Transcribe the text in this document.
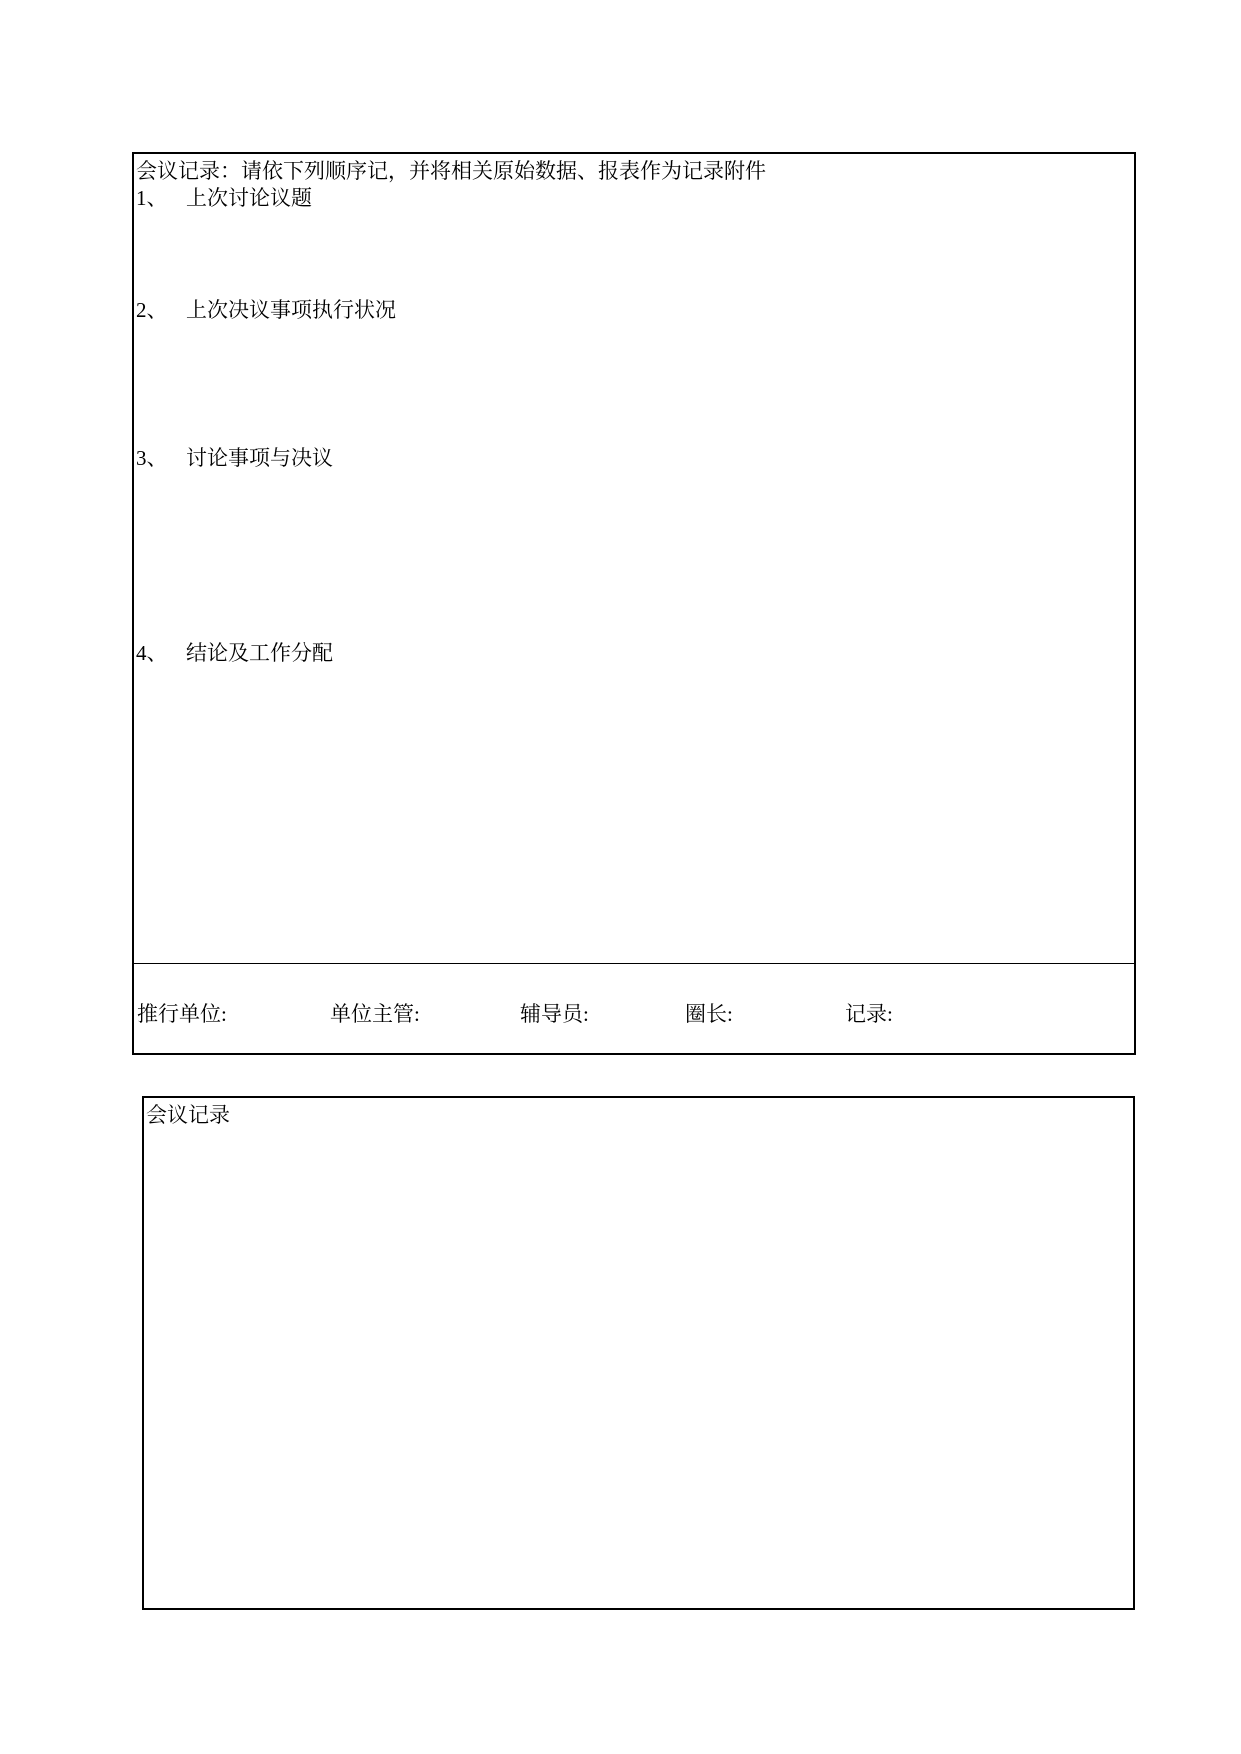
会议记录：请依下列顺序记，并将相关原始数据、报表作为记录附件
1、 上次讨论议题
2、 上次决议事项执行状况
3、 讨论事项与决议
4、 结论及工作分配
推行单位:	单位主管:	辅导员:	圈长:	记录:
会议记录
